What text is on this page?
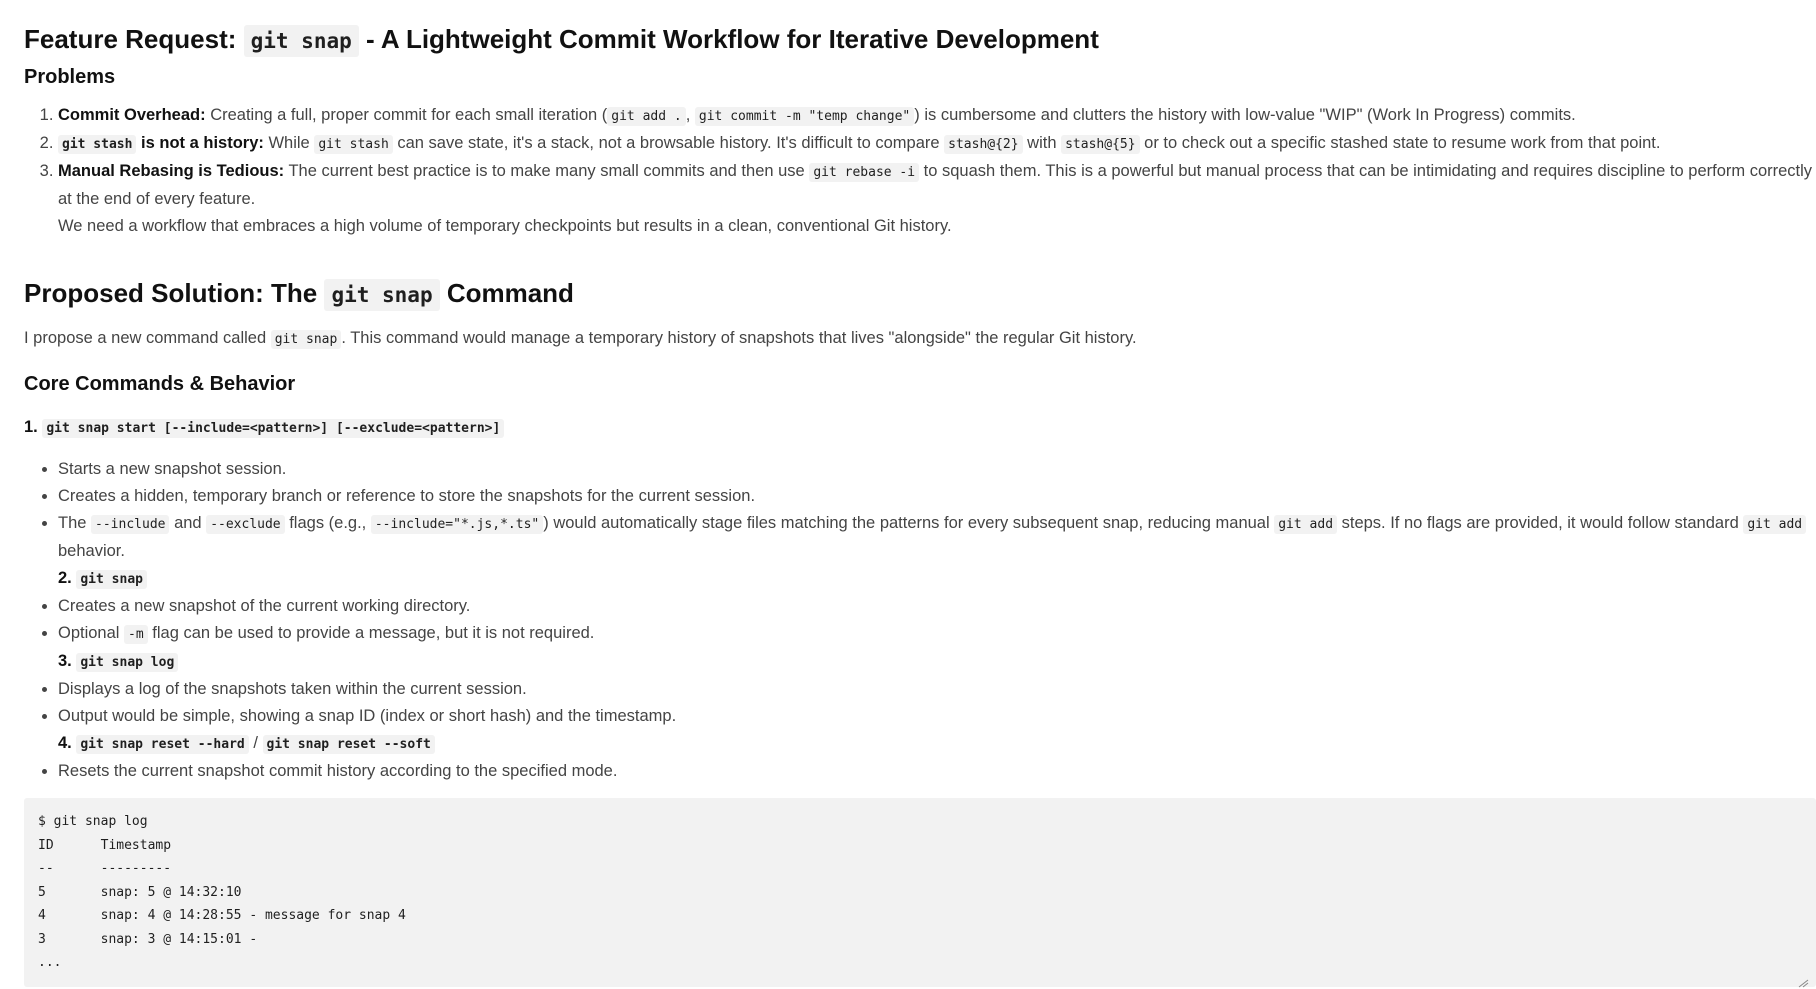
Feature Request: git snap - A Lightweight Commit Workflow for Iterative Development
Problems
1. Commit Overhead: Creating a full, proper commit for each small iteration ( git add . , git commit -m "temp change" ) is cumbersome and clutters the history with low-value "WIP" (Work In Progress) commits.
2. git stash is not a history: While git stash can save state, it's a stack, not a browsable history. It's difficult to compare stash@{2} with stash@{5} or to check out a specific stashed state to resume work from that point.
3. Manual Rebasing is Tedious: The current best practice is to make many small commits and then use git rebase -i to squash them. This is a powerful but manual process that can be intimidating and requires discipline to perform correctly at the end of every feature.
We need a workflow that embraces a high volume of temporary checkpoints but results in a clean, conventional Git history.
Proposed Solution: The git snap Command

I propose a new command called git snap . This command would manage a temporary history of snapshots that lives "alongside" the regular Git history.

Core Commands & Behavior
1. git snap start [--include=<pattern>] [--exclude=<pattern>]
• Starts a new snapshot session.
• Creates a hidden, temporary branch or reference to store the snapshots for the current session.
• The --include and --exclude flags (e.g., --include="*.js,*.ts" ) would automatically stage files matching the patterns for every subsequent snap, reducing manual git add steps. If no flags are provided, it would follow standard git add behavior.
2. git snap
• Creates a new snapshot of the current working directory.
• Optional -m flag can be used to provide a message, but it is not required.
3. git snap log
• Displays a log of the snapshots taken within the current session.
• Output would be simple, showing a snap ID (index or short hash) and the timestamp.
4. git snap reset --hard / git snap reset --soft
• Resets the current snapshot commit history according to the specified mode.
$ git snap log
ID      Timestamp
--      ---------
5       snap: 5 @ 14:32:10
4       snap: 4 @ 14:28:55 - message for snap 4
3       snap: 3 @ 14:15:01 -
...
